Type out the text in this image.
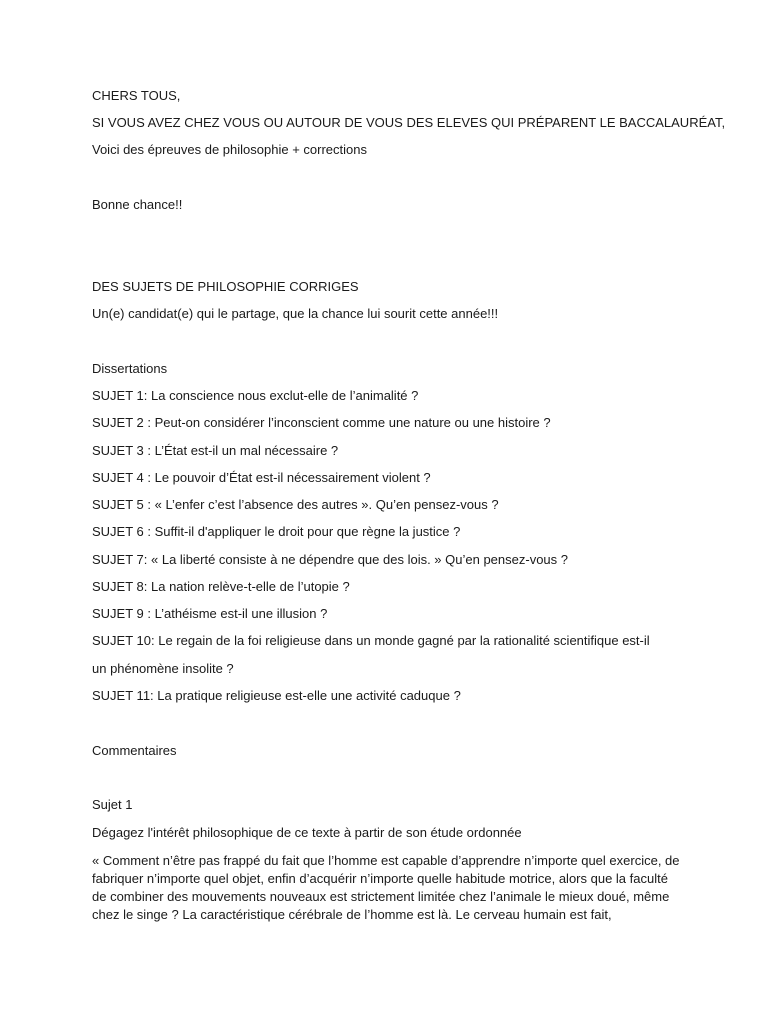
CHERS TOUS,
SI VOUS AVEZ CHEZ VOUS OU AUTOUR DE VOUS DES ELEVES QUI PRÉPARENT LE BACCALAURÉAT,
Voici des épreuves de philosophie + corrections
Bonne chance!!
DES SUJETS DE PHILOSOPHIE CORRIGES
Un(e) candidat(e) qui le partage, que la chance lui sourit cette année!!!
Dissertations
SUJET 1: La conscience nous exclut-elle de l’animalité ?
SUJET 2 : Peut-on considérer l’inconscient comme une nature ou une histoire ?
SUJET 3 : L’État est-il un mal nécessaire ?
SUJET 4 : Le pouvoir d’État est-il nécessairement violent ?
SUJET 5 : « L’enfer c’est l’absence des autres ». Qu’en pensez-vous ?
SUJET 6 : Suffit-il d'appliquer le droit pour que règne la justice ?
SUJET 7: « La liberté consiste à ne dépendre que des lois. » Qu’en pensez-vous ?
SUJET 8: La nation relève-t-elle de l’utopie ?
SUJET 9 : L’athéisme est-il une illusion ?
SUJET 10: Le regain de la foi religieuse dans un monde gagné par la rationalité scientifique est-il
un phénomène insolite ?
SUJET 11: La pratique religieuse est-elle une activité caduque ?
Commentaires
Sujet 1
Dégagez l'intérêt philosophique de ce texte à partir de son étude ordonnée
« Comment n’être pas frappé du fait que l’homme est capable d’apprendre n’importe quel exercice, de fabriquer n’importe quel objet, enfin d’acquérir n’importe quelle habitude motrice, alors que la faculté de combiner des mouvements nouveaux est strictement limitée chez l’animale le mieux doué, même chez le singe ? La caractéristique cérébrale de l’homme est là. Le cerveau humain est fait,
